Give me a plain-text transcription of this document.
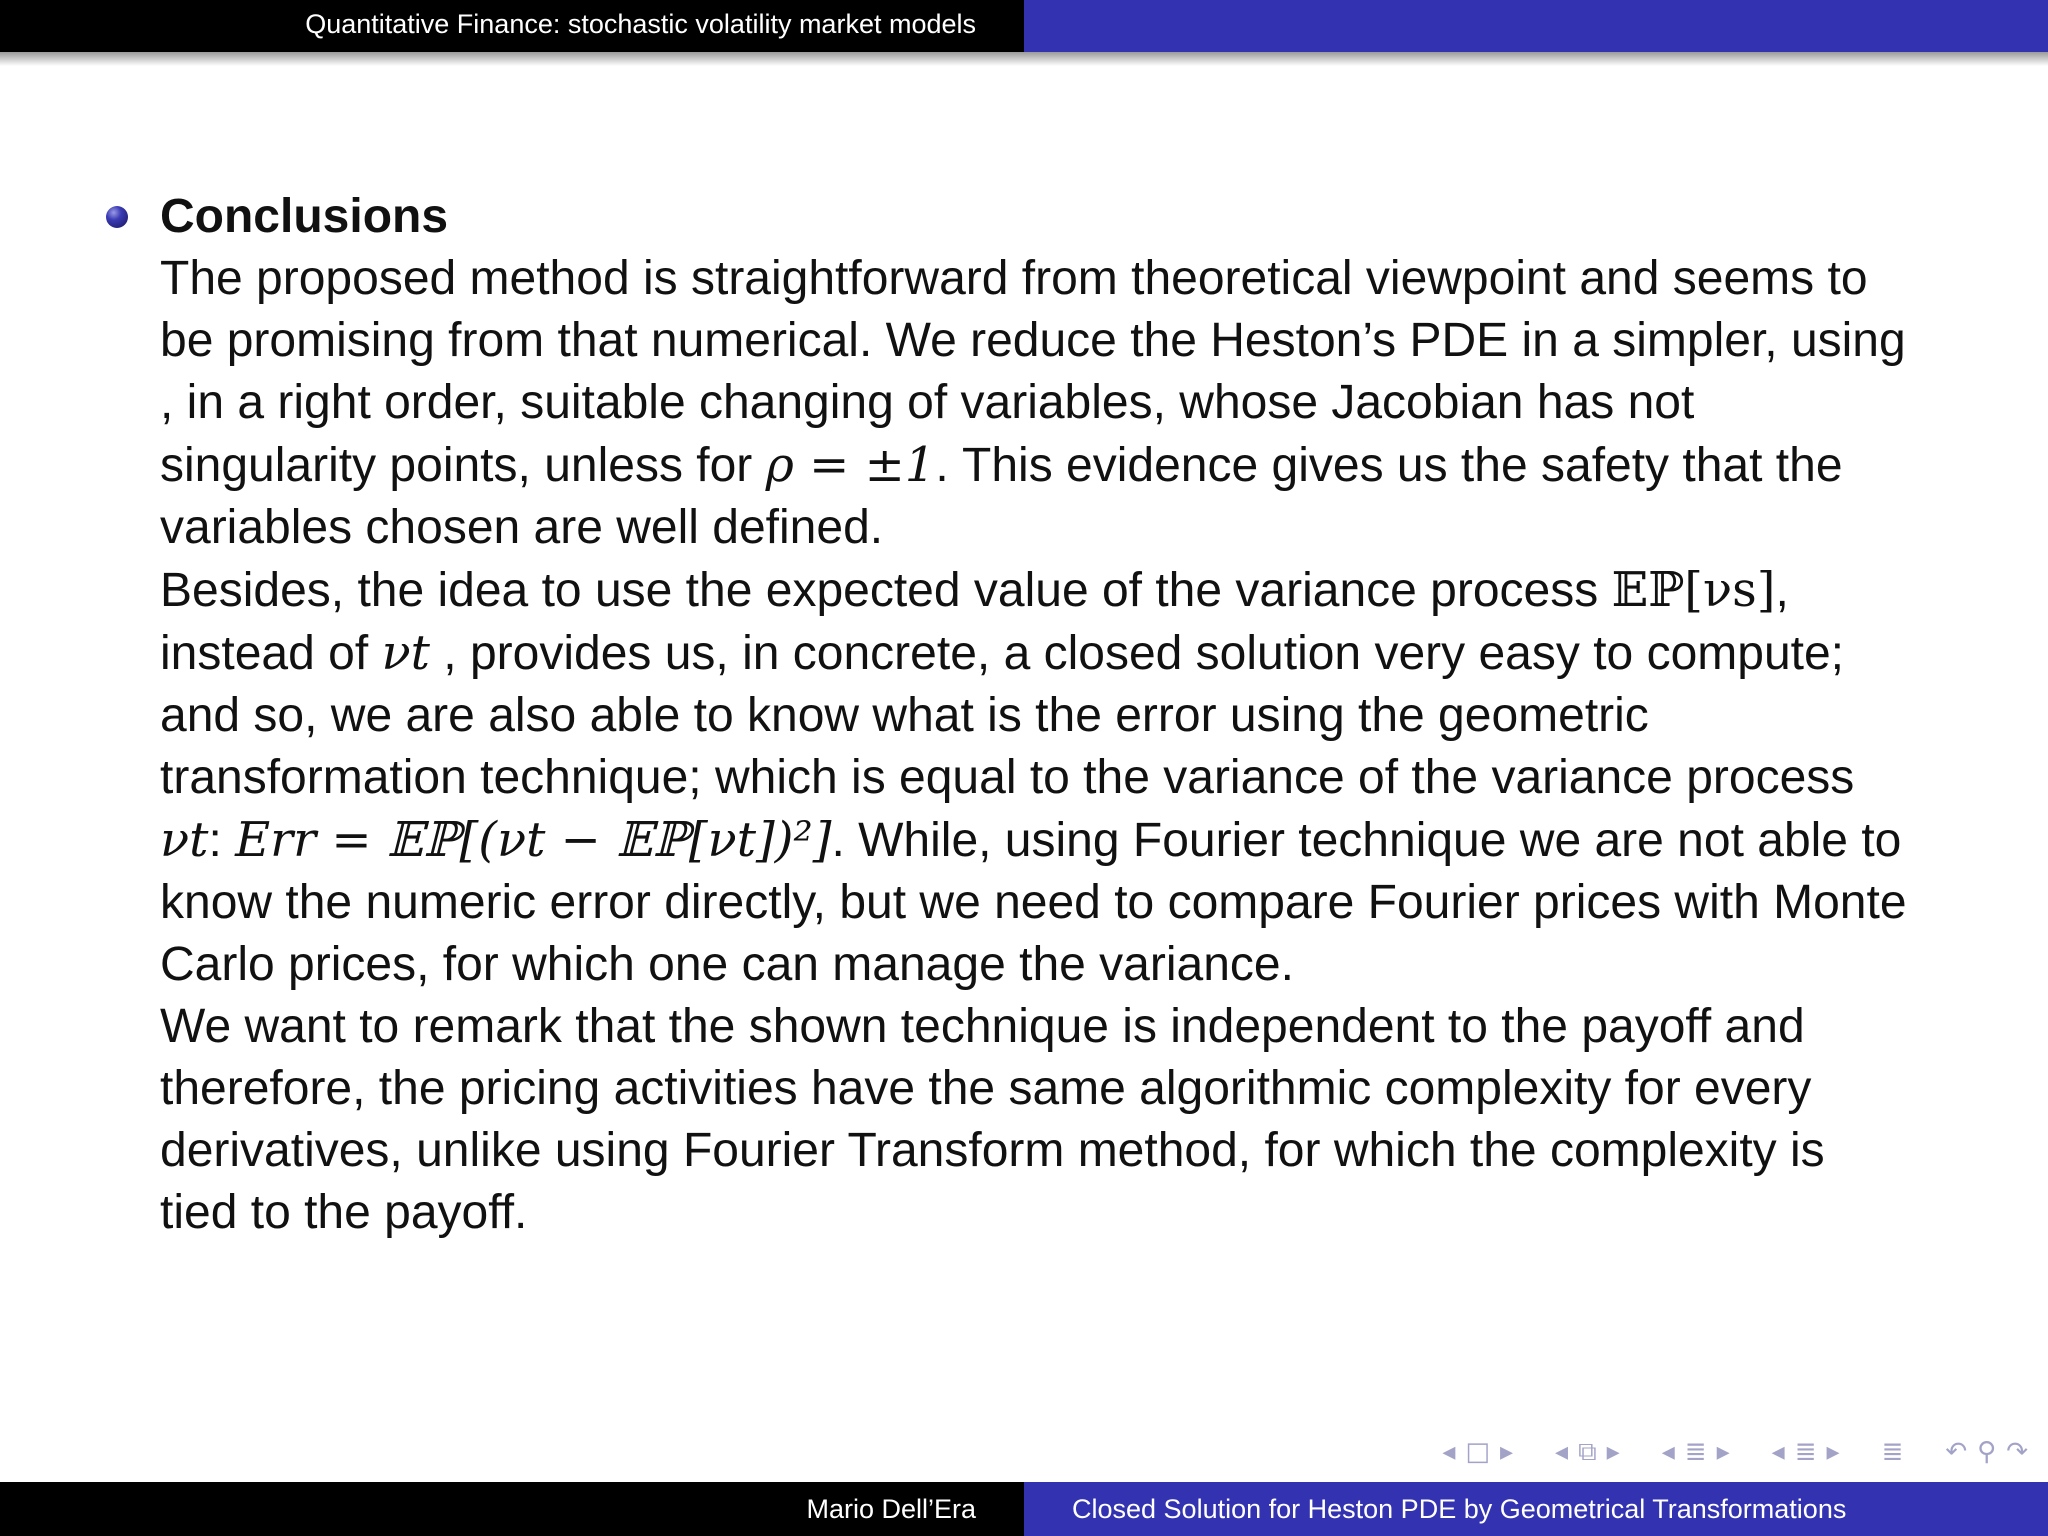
Quantitative Finance: stochastic volatility market models

Conclusions

The proposed method is straightforward from theoretical viewpoint and seems to be promising from that numerical. We reduce the Heston’s PDE in a simpler, using , in a right order, suitable changing of variables, whose Jacobian has not singularity points, unless for ρ = ±1. This evidence gives us the safety that the variables chosen are well defined.

Besides, the idea to use the expected value of the variance process 𝔼ℙ[νs], instead of νt , provides us, in concrete, a closed solution very easy to compute; and so, we are also able to know what is the error using the geometric transformation technique; which is equal to the variance of the variance process νt: Err = 𝔼ℙ[(νt − 𝔼ℙ[νt])²]. While, using Fourier technique we are not able to know the numeric error directly, but we need to compare Fourier prices with Monte Carlo prices, for which one can manage the variance.

We want to remark that the shown technique is independent to the payoff and therefore, the pricing activities have the same algorithmic complexity for every derivatives, unlike using Fourier Transform method, for which the complexity is tied to the payoff.

◂ □ ▸ ◂ ⧉ ▸ ◂ ≣ ▸ ◂ ≣ ▸ ≣ ↶ ⚲ ↷
Mario Dell’Era	Closed Solution for Heston PDE by Geometrical Transformations
